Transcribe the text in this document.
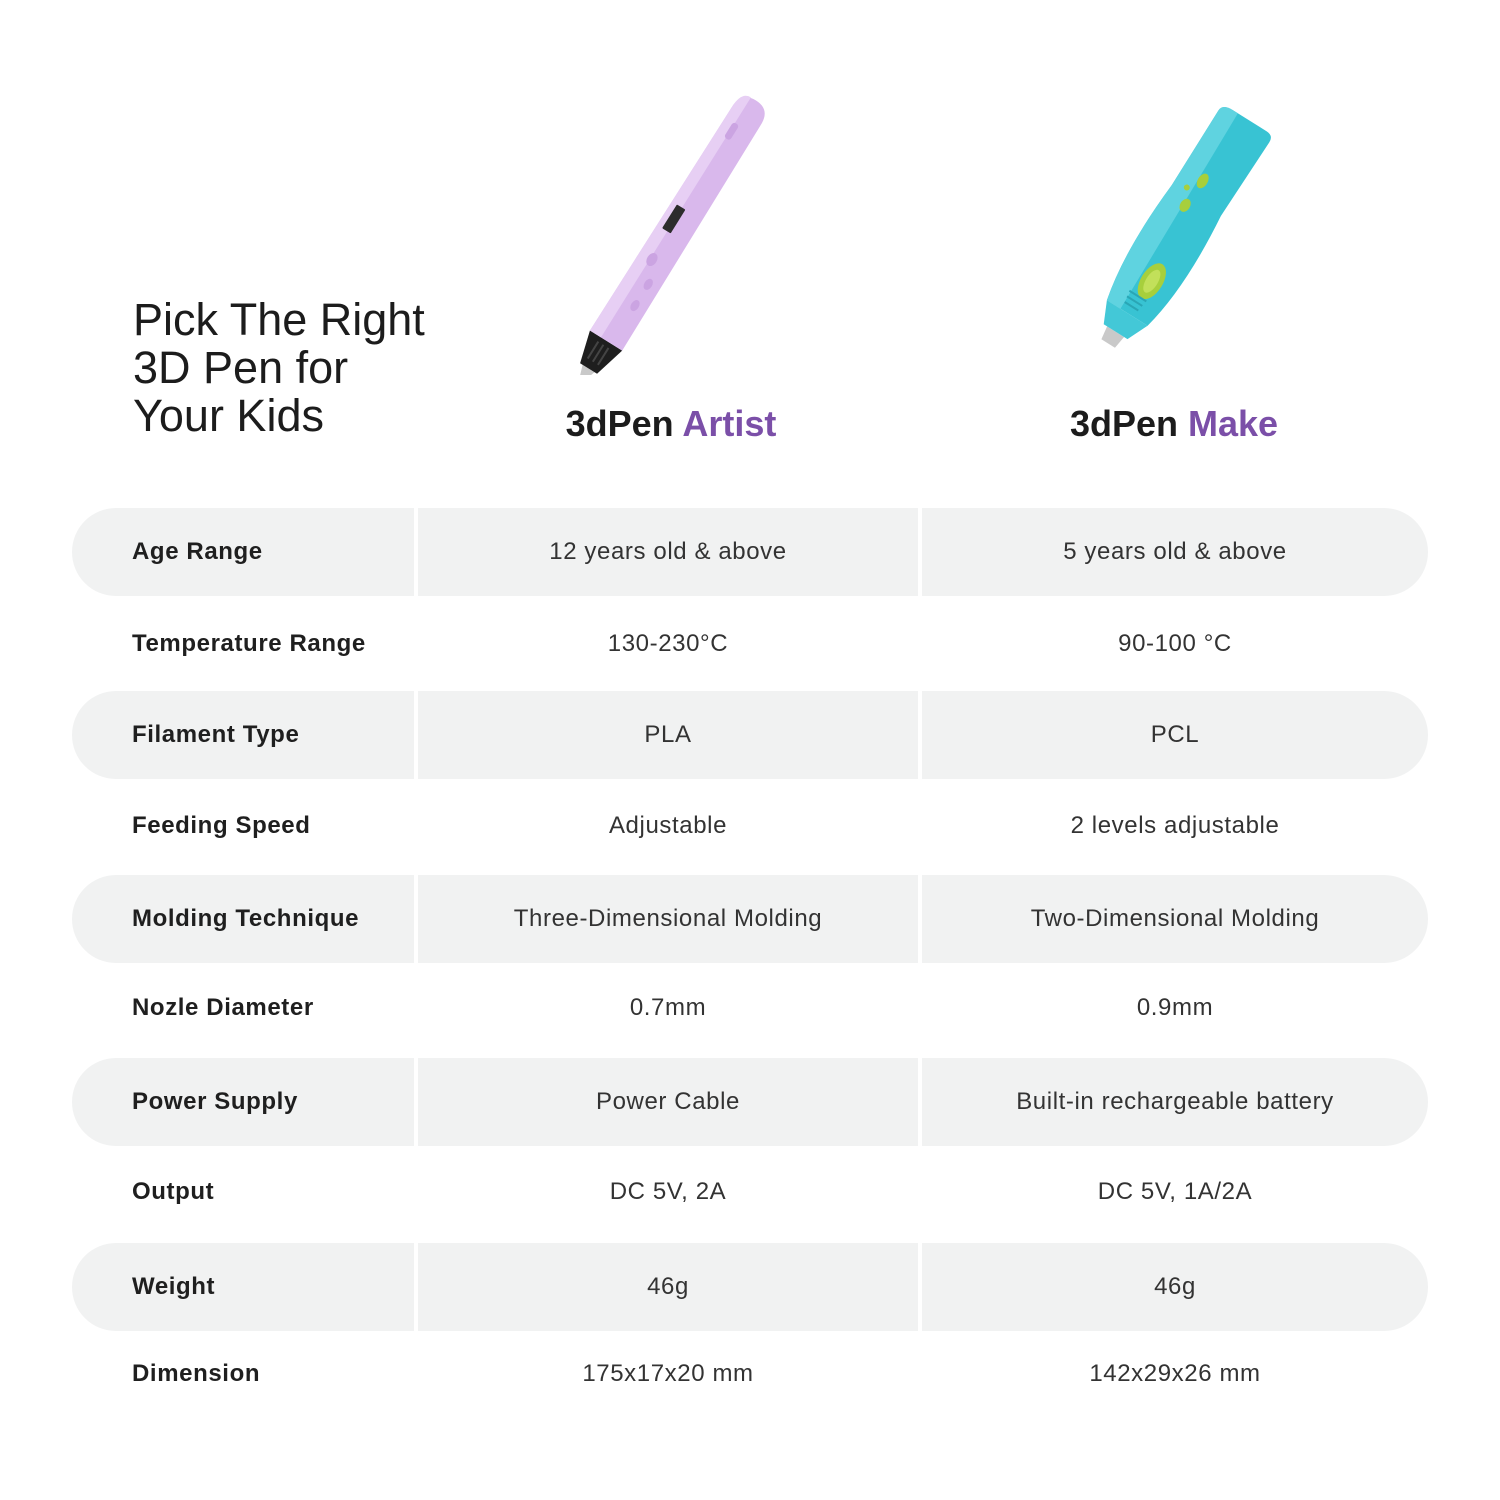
Pick The Right
3D Pen for
Your Kids	3dPen Artist	3dPen Make
Age Range	12 years old & above	5 years old & above
Temperature Range	130-230°C	90-100 °C
Filament Type	PLA	PCL
Feeding Speed	Adjustable	2 levels adjustable
Molding Technique	Three-Dimensional Molding	Two-Dimensional Molding
Nozle Diameter	0.7mm	0.9mm
Power Supply	Power Cable	Built-in rechargeable battery
Output	DC 5V, 2A	DC 5V, 1A/2A
Weight	46g	46g
Dimension	175x17x20 mm	142x29x26 mm
